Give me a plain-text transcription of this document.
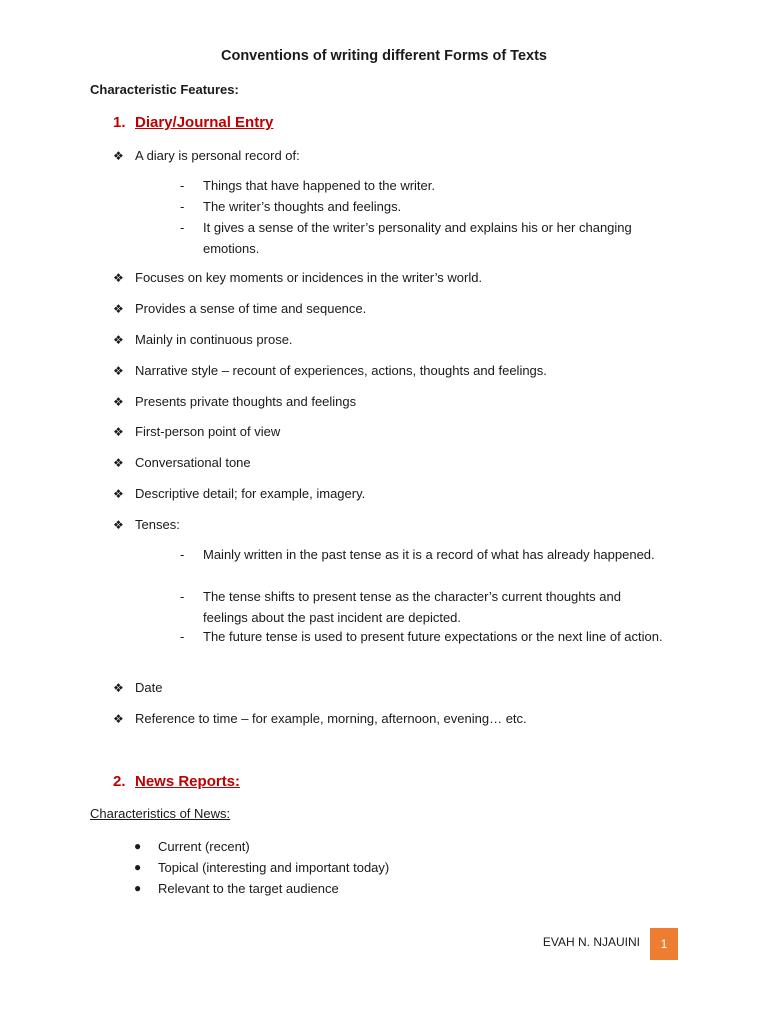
Conventions of writing different Forms of Texts
Characteristic Features:
1. Diary/Journal Entry
❖ A diary is personal record of:
- Things that have happened to the writer.
- The writer’s thoughts and feelings.
- It gives a sense of the writer’s personality and explains his or her changing emotions.
❖ Focuses on key moments or incidences in the writer’s world.
❖ Provides a sense of time and sequence.
❖ Mainly in continuous prose.
❖ Narrative style – recount of experiences, actions, thoughts and feelings.
❖ Presents private thoughts and feelings
❖ First-person point of view
❖ Conversational tone
❖ Descriptive detail; for example, imagery.
❖ Tenses:
- Mainly written in the past tense as it is a record of what has already happened.
- The tense shifts to present tense as the character’s current thoughts and feelings about the past incident are depicted.
- The future tense is used to present future expectations or the next line of action.
❖ Date
❖ Reference to time – for example, morning, afternoon, evening… etc.
2. News Reports:
Characteristics of News:
● Current (recent)
● Topical (interesting and important today)
● Relevant to the target audience
EVAH N. NJAUINI	1
